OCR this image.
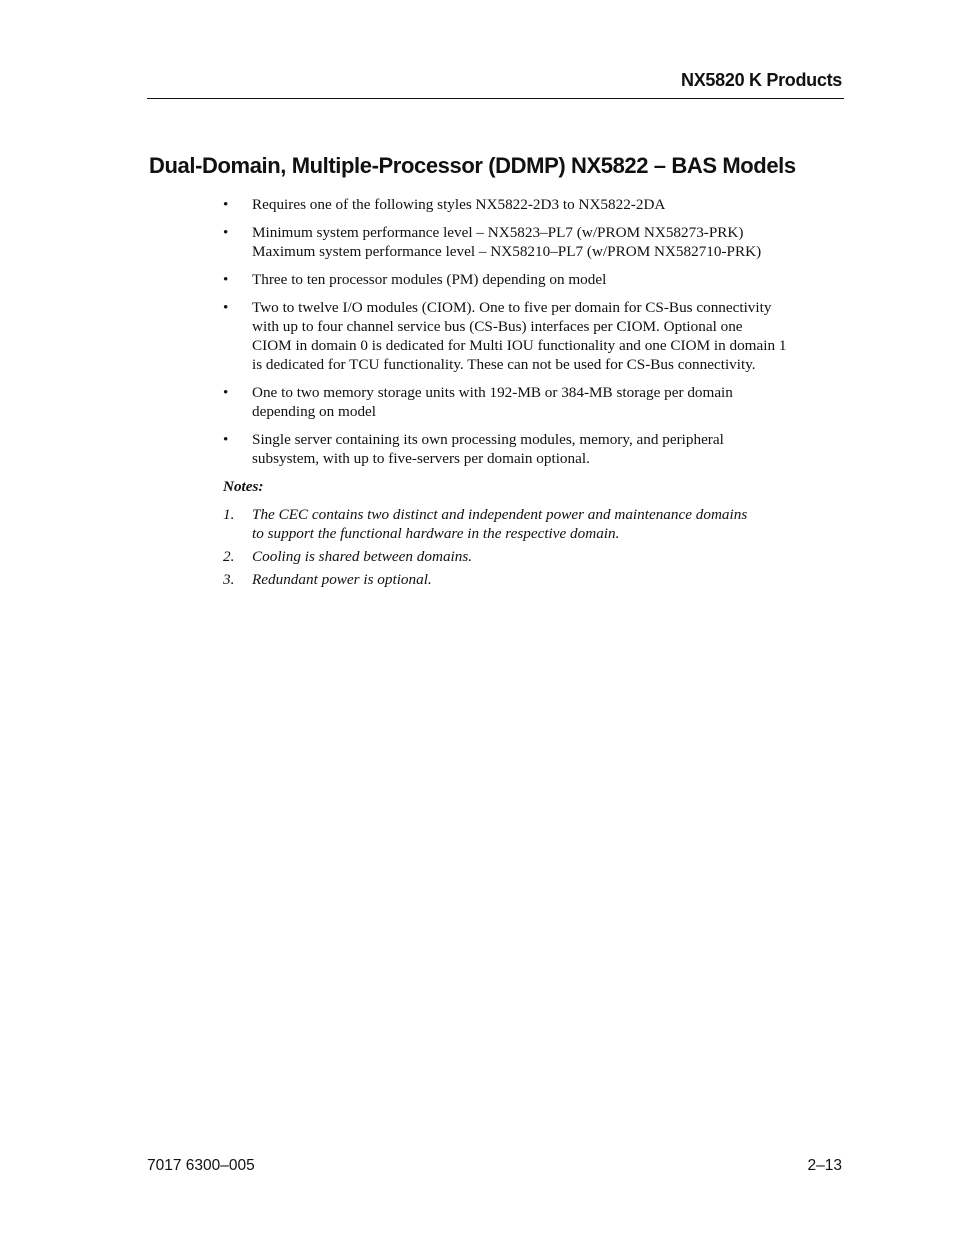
NX5820 K Products
Dual-Domain, Multiple-Processor (DDMP) NX5822 – BAS Models
•	Requires one of the following styles NX5822-2D3 to NX5822-2DA
•	Minimum system performance level – NX5823–PL7 (w/PROM NX58273-PRK)
Maximum system performance level – NX58210–PL7 (w/PROM NX582710-PRK)
•	Three to ten processor modules (PM) depending on model
•	Two to twelve I/O modules (CIOM). One to five per domain for CS-Bus connectivity
with up to four channel service bus (CS-Bus) interfaces per CIOM. Optional one
CIOM in domain 0 is dedicated for Multi IOU functionality and one CIOM in domain 1
is dedicated for TCU functionality. These can not be used for CS-Bus connectivity.
•	One to two memory storage units with 192-MB or 384-MB storage per domain
depending on model
•	Single server containing its own processing modules, memory, and peripheral
subsystem, with up to five-servers per domain optional.

Notes:

1. The CEC contains two distinct and independent power and maintenance domains
to support the functional hardware in the respective domain.
2. Cooling is shared between domains.
3. Redundant power is optional.
7017 6300–005	2–13
